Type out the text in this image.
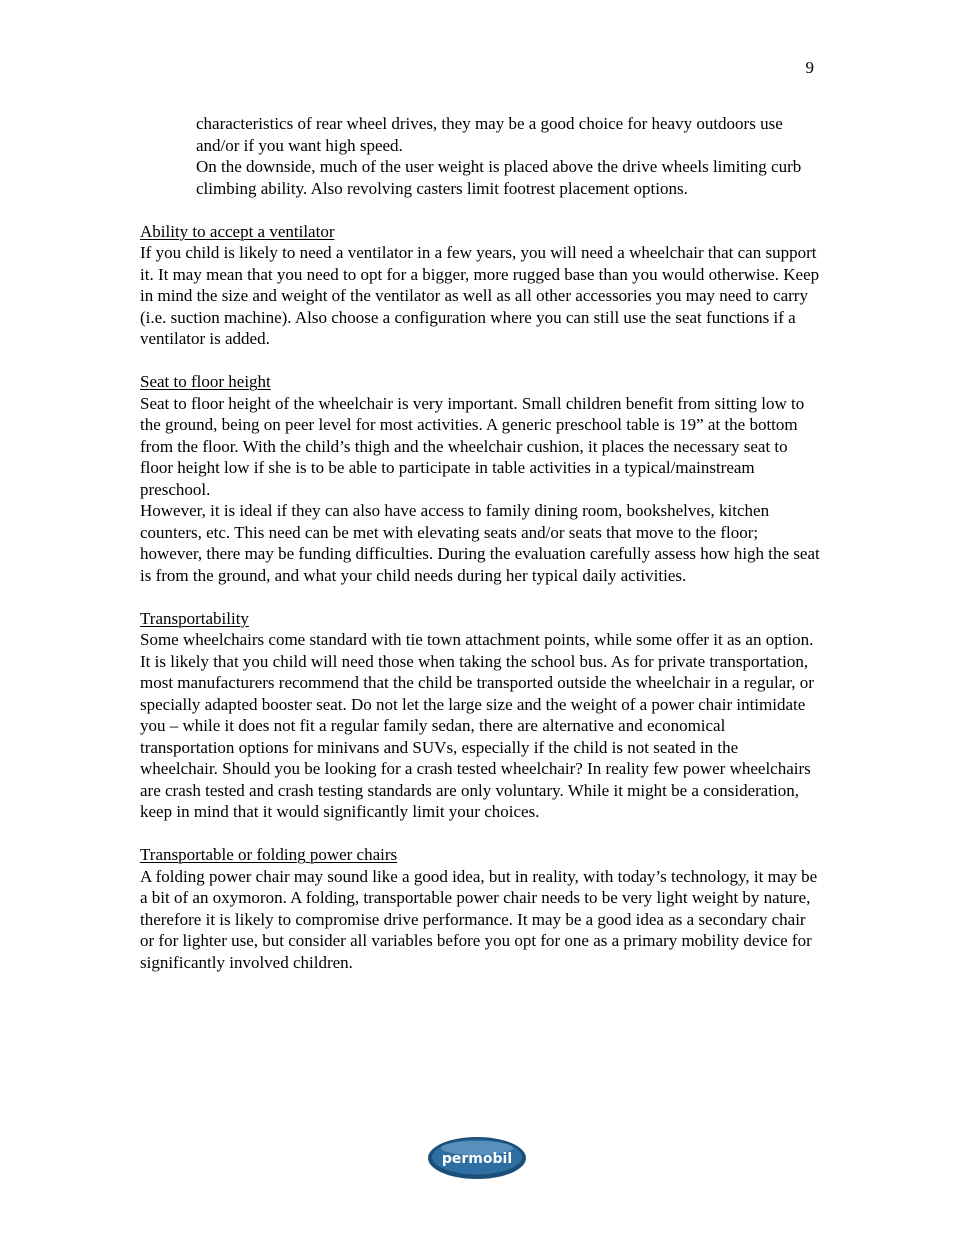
9

characteristics of rear wheel drives, they may be a good choice for heavy outdoors use and/or if you want high speed.

On the downside, much of the user weight is placed above the drive wheels limiting curb climbing ability. Also revolving casters limit footrest placement options.

Ability to accept a ventilator

If you child is likely to need a ventilator in a few years, you will need a wheelchair that can support it. It may mean that you need to opt for a bigger, more rugged base than you would otherwise. Keep in mind the size and weight of the ventilator as well as all other accessories you may need to carry (i.e. suction machine). Also choose a configuration where you can still use the seat functions if a ventilator is added.

Seat to floor height

Seat to floor height of the wheelchair is very important. Small children benefit from sitting low to the ground, being on peer level for most activities. A generic preschool table is 19” at the bottom from the floor. With the child’s thigh and the wheelchair cushion, it places the necessary seat to floor height low if she is to be able to participate in table activities in a typical/mainstream preschool.

However, it is ideal if they can also have access to family dining room, bookshelves, kitchen counters, etc. This need can be met with elevating seats and/or seats that move to the floor; however, there may be funding difficulties. During the evaluation carefully assess how high the seat is from the ground, and what your child needs during her typical daily activities.

Transportability

Some wheelchairs come standard with tie town attachment points, while some offer it as an option. It is likely that you child will need those when taking the school bus. As for private transportation, most manufacturers recommend that the child be transported outside the wheelchair in a regular, or specially adapted booster seat. Do not let the large size and the weight of a power chair intimidate you – while it does not fit a regular family sedan, there are alternative and economical transportation options for minivans and SUVs, especially if the child is not seated in the wheelchair. Should you be looking for a crash tested wheelchair? In reality few power wheelchairs are crash tested and crash testing standards are only voluntary. While it might be a consideration, keep in mind that it would significantly limit your choices.

Transportable or folding power chairs

A folding power chair may sound like a good idea, but in reality, with today’s technology, it may be a bit of an oxymoron. A folding, transportable power chair needs to be very light weight by nature, therefore it is likely to compromise drive performance. It may be a good idea as a secondary chair or for lighter use, but consider all variables before you opt for one as a primary mobility device for significantly involved children.

permobil
